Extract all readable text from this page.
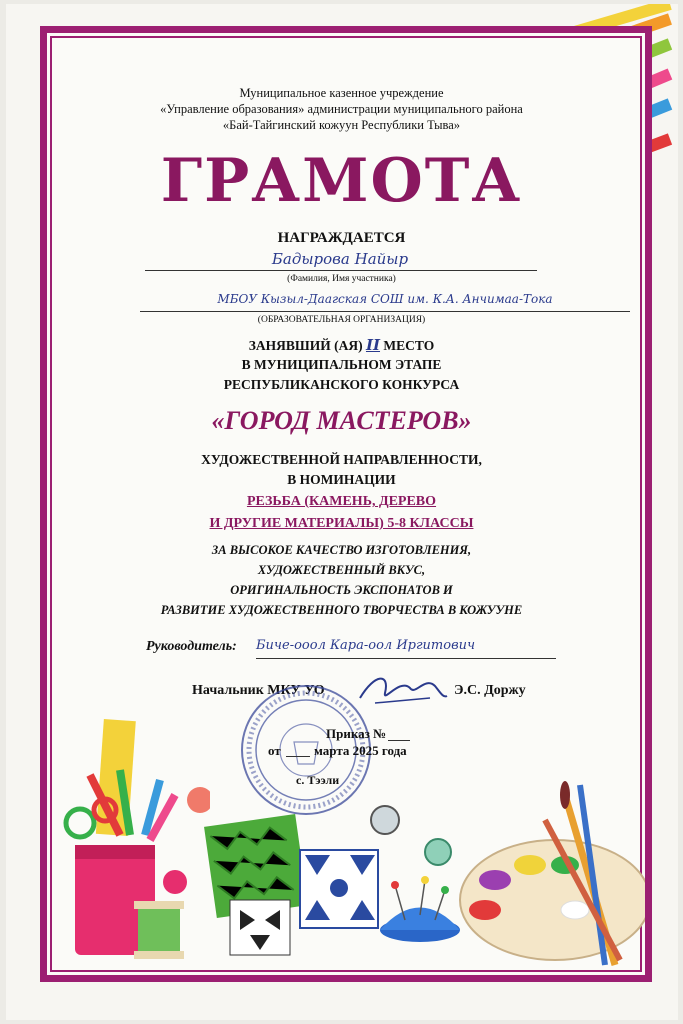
Муниципальное казенное учреждение
«Управление образования» администрации муниципального района
«Бай-Тайгинский кожуун Республики Тыва»
ГРАМОТА
НАГРАЖДАЕТСЯ
Бадырова Найыр
(Фамилия, Имя участника)
МБОУ Кызыл-Даагская СОШ им. К.А. Анчимаа-Тока
(ОБРАЗОВАТЕЛЬНАЯ ОРГАНИЗАЦИЯ)
ЗАНЯВШИЙ (АЯ) II МЕСТО
В МУНИЦИПАЛЬНОМ ЭТАПЕ
РЕСПУБЛИКАНСКОГО КОНКУРСА
«ГОРОД МАСТЕРОВ»
ХУДОЖЕСТВЕННОЙ НАПРАВЛЕННОСТИ,
В НОМИНАЦИИ
РЕЗЬБА (КАМЕНЬ, ДЕРЕВО
И ДРУГИЕ МАТЕРИАЛЫ) 5-8 КЛАССЫ
ЗА ВЫСОКОЕ КАЧЕСТВО ИЗГОТОВЛЕНИЯ,
ХУДОЖЕСТВЕННЫЙ ВКУС,
ОРИГИНАЛЬНОСТЬ ЭКСПОНАТОВ И
РАЗВИТИЕ ХУДОЖЕСТВЕННОГО ТВОРЧЕСТВА В КОЖУУНЕ
Руководитель: Биче-ооол Кара-оол Иргитович
Начальник МКУ УО	Э.С. Доржу
Приказ №
от	марта 2025 года
с. Тээли
